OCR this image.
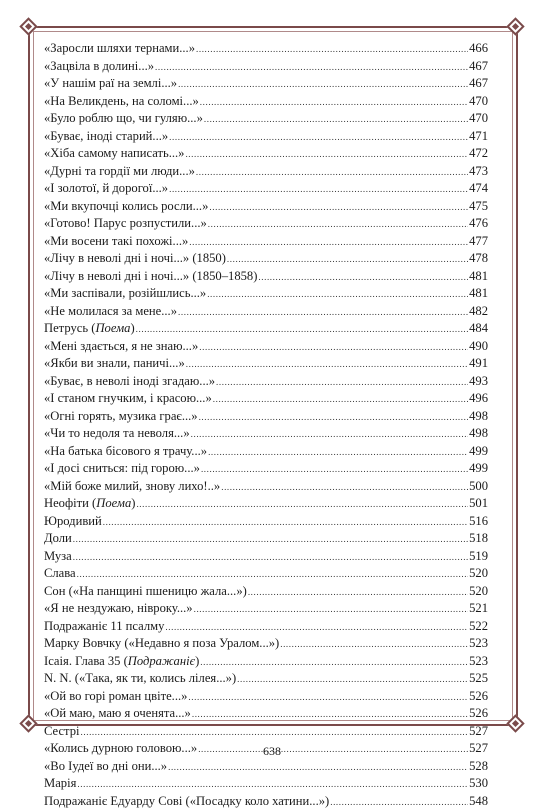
«Заросли шляхи тернами...» .....	466
«Зацвіла в долині...» .....	467
«У нашім раї на землі...» .....	467
«На Великдень, на соломі...» .....	470
«Було роблю що, чи гуляю...» .....	470
«Буває, іноді старий...» .....	471
«Хіба самому написать...» .....	472
«Дурні та гордії ми люди...» .....	473
«І золотої, й дорогої...» .....	474
«Ми вкупочці колись росли...» .....	475
«Готово! Парус розпустили...» .....	476
«Ми восени такі похожі...» .....	477
«Лічу в неволі дні і ночі...» (1850) .....	478
«Лічу в неволі дні і ночі...» (1850–1858) .....	481
«Ми заспівали, розійшлись...» .....	481
«Не молилася за мене...» .....	482
Петрусь (Поема) .....	484
«Мені здається, я не знаю...» .....	490
«Якби ви знали, паничі...» .....	491
«Буває, в неволі іноді згадаю...» .....	493
«І станом гнучким, і красою...» .....	496
«Огні горять, музика грає...» .....	498
«Чи то недоля та неволя...» .....	498
«На батька бісового я трачу...» .....	499
«І досі сниться: під горою...» .....	499
«Мій боже милий, знову лихо!..» .....	500
Неофіти (Поема) .....	501
Юродивий .....	516
Доли .....	518
Муза .....	519
Слава .....	520
Сон («На панщині пшеницю жала...») .....	520
«Я не нездужаю, нівроку...» .....	521
Подражаніє 11 псалму .....	522
Марку Вовчку («Недавно я поза Уралом...») .....	523
Ісаія. Глава 35 (Подражаніє) .....	523
N. N. («Така, як ти, колись лілея...») .....	525
«Ой во горі роман цвіте...» .....	526
«Ой маю, маю я оченята...» .....	526
Сестрі .....	527
«Колись дурною головою...» .....	527
«Во Іудеї во дні они...» .....	528
Марія .....	530
Подражаніє Едуарду Сові («Посадку коло хатини...») .....	548
638
